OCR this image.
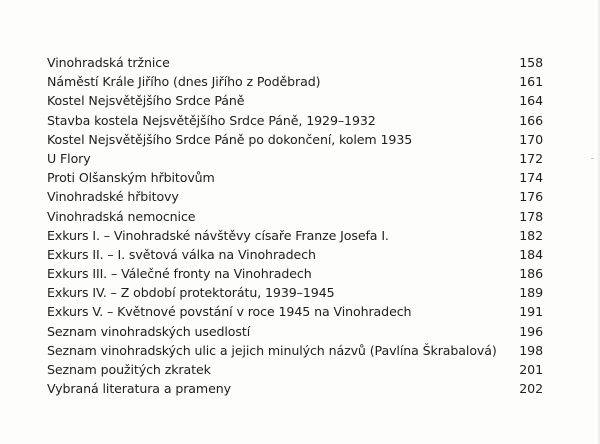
Vinohradská tržnice	158
Náměstí Krále Jiřího (dnes Jiřího z Poděbrad)	161
Kostel Nejsvětějšího Srdce Páně	164
Stavba kostela Nejsvětějšího Srdce Páně, 1929–1932	166
Kostel Nejsvětějšího Srdce Páně po dokončení, kolem 1935	170
U Flory	172
Proti Olšanským hřbitovům	174
Vinohradské hřbitovy	176
Vinohradská nemocnice	178
Exkurs I. – Vinohradské návštěvy císaře Franze Josefa I.	182
Exkurs II. – I. světová válka na Vinohradech	184
Exkurs III. – Válečné fronty na Vinohradech	186
Exkurs IV. – Z období protektorátu, 1939–1945	189
Exkurs V. – Květnové povstání v roce 1945 na Vinohradech	191
Seznam vinohradských usedlostí	196
Seznam vinohradských ulic a jejich minulých názvů (Pavlína Škrabalová) 198
Seznam použitých zkratek	201
Vybraná literatura a prameny	202
